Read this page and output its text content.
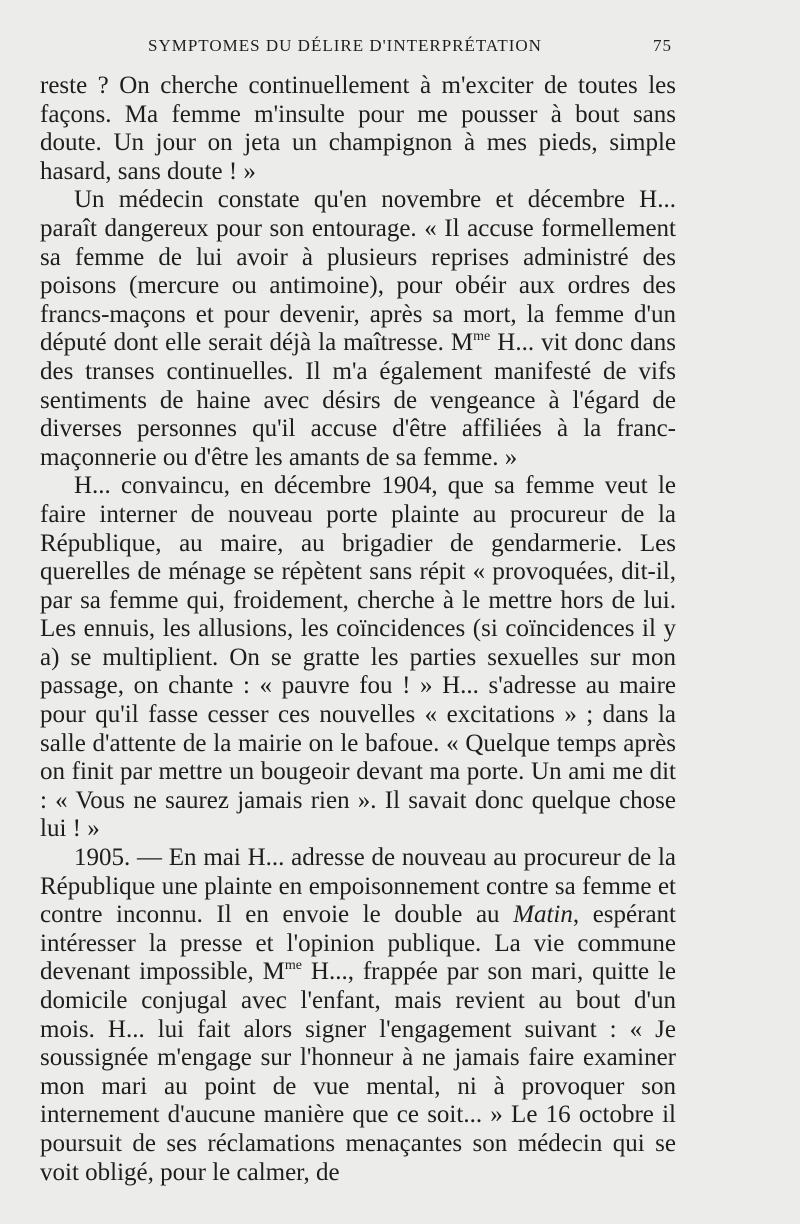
SYMPTOMES DU DÉLIRE D'INTERPRÉTATION	75

reste ? On cherche continuellement à m'exciter de toutes les façons. Ma femme m'insulte pour me pousser à bout sans doute. Un jour on jeta un champignon à mes pieds, simple hasard, sans doute ! »

Un médecin constate qu'en novembre et décembre H... paraît dangereux pour son entourage. « Il accuse formellement sa femme de lui avoir à plusieurs reprises administré des poisons (mercure ou antimoine), pour obéir aux ordres des francs-maçons et pour devenir, après sa mort, la femme d'un député dont elle serait déjà la maîtresse. $M^{me}$ H... vit donc dans des transes continuelles. Il m'a également manifesté de vifs sentiments de haine avec désirs de vengeance à l'égard de diverses personnes qu'il accuse d'être affiliées à la franc-maçonnerie ou d'être les amants de sa femme. »

H... convaincu, en décembre 1904, que sa femme veut le faire interner de nouveau porte plainte au procureur de la République, au maire, au brigadier de gendarmerie. Les querelles de ménage se répètent sans répit « provoquées, dit-il, par sa femme qui, froidement, cherche à le mettre hors de lui. Les ennuis, les allusions, les coïncidences (si coïncidences il y a) se multiplient. On se gratte les parties sexuelles sur mon passage, on chante : « pauvre fou ! » H... s'adresse au maire pour qu'il fasse cesser ces nouvelles « excitations » ; dans la salle d'attente de la mairie on le bafoue. « Quelque temps après on finit par mettre un bougeoir devant ma porte. Un ami me dit : « Vous ne saurez jamais rien ». Il savait donc quelque chose lui ! »

1905. — En mai H... adresse de nouveau au procureur de la République une plainte en empoisonnement contre sa femme et contre inconnu. Il en envoie le double au Matin, espérant intéresser la presse et l'opinion publique. La vie commune devenant impossible, $M^{me}$ H..., frappée par son mari, quitte le domicile conjugal avec l'enfant, mais revient au bout d'un mois. H... lui fait alors signer l'engagement suivant : « Je soussignée m'engage sur l'honneur à ne jamais faire examiner mon mari au point de vue mental, ni à provoquer son internement d'aucune manière que ce soit... » Le 16 octobre il poursuit de ses réclamations menaçantes son médecin qui se voit obligé, pour le calmer, de
